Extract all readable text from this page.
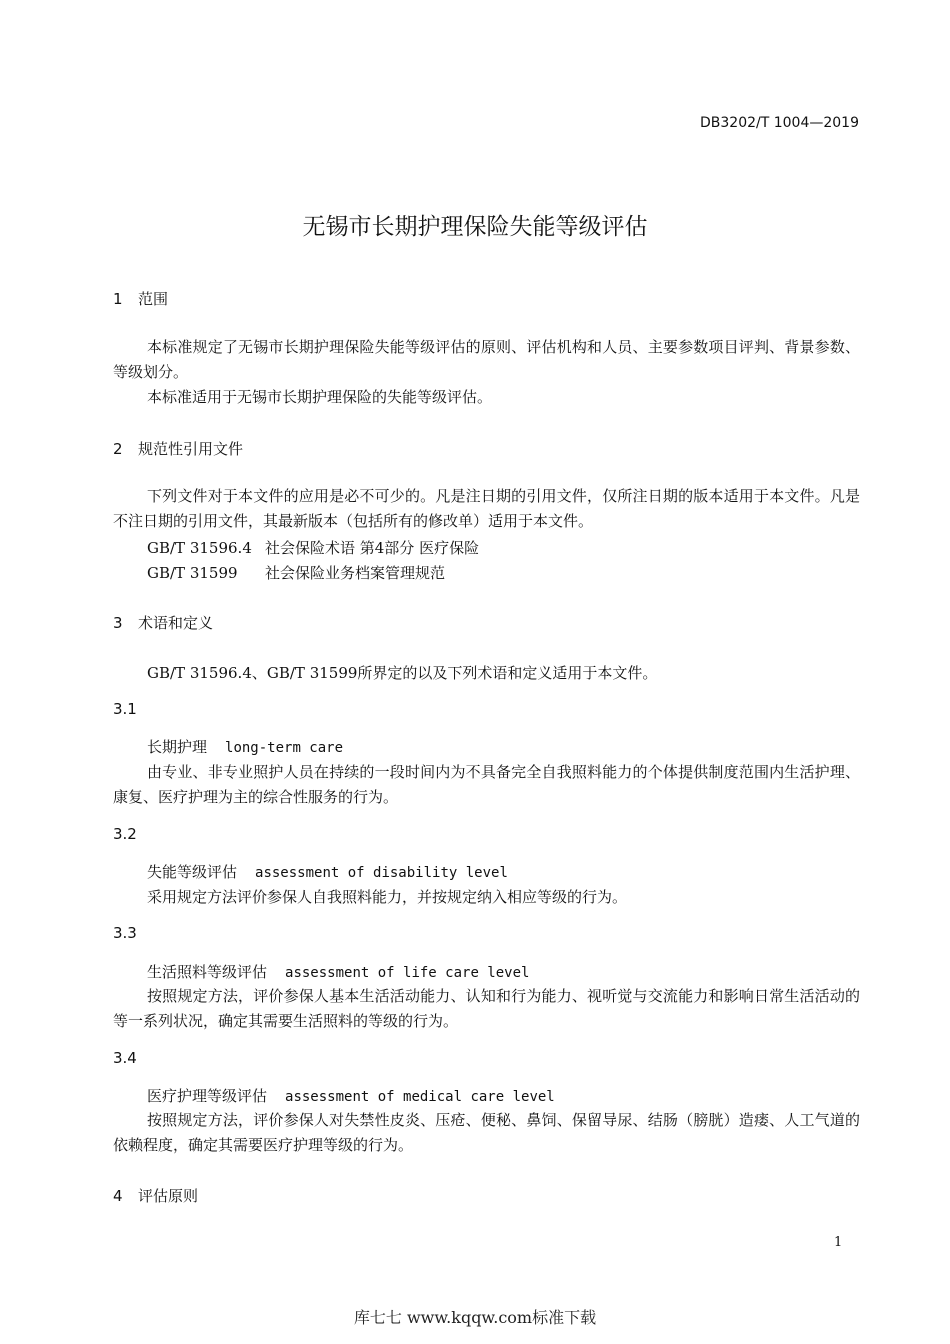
DB3202/T 1004—2019
无锡市长期护理保险失能等级评估
1 范围
本标准规定了无锡市长期护理保险失能等级评估的原则、评估机构和人员、主要参数项目评判、背景参数、等级划分。
本标准适用于无锡市长期护理保险的失能等级评估。
2 规范性引用文件
下列文件对于本文件的应用是必不可少的。凡是注日期的引用文件，仅所注日期的版本适用于本文件。凡是不注日期的引用文件，其最新版本（包括所有的修改单）适用于本文件。
GB/T 31596.4 社会保险术语 第4部分 医疗保险
GB/T 31599 社会保险业务档案管理规范
3 术语和定义
GB/T 31596.4、GB/T 31599所界定的以及下列术语和定义适用于本文件。
3.1
长期护理 long-term care
由专业、非专业照护人员在持续的一段时间内为不具备完全自我照料能力的个体提供制度范围内生活护理、康复、医疗护理为主的综合性服务的行为。
3.2
失能等级评估 assessment of disability level
采用规定方法评价参保人自我照料能力，并按规定纳入相应等级的行为。
3.3
生活照料等级评估 assessment of life care level
按照规定方法，评价参保人基本生活活动能力、认知和行为能力、视听觉与交流能力和影响日常生活活动的等一系列状况，确定其需要生活照料的等级的行为。
3.4
医疗护理等级评估 assessment of medical care level
按照规定方法，评价参保人对失禁性皮炎、压疮、便秘、鼻饲、保留导尿、结肠（膀胱）造瘘、人工气道的依赖程度，确定其需要医疗护理等级的行为。
4 评估原则
1
库七七 www.kqqw.com标准下载
